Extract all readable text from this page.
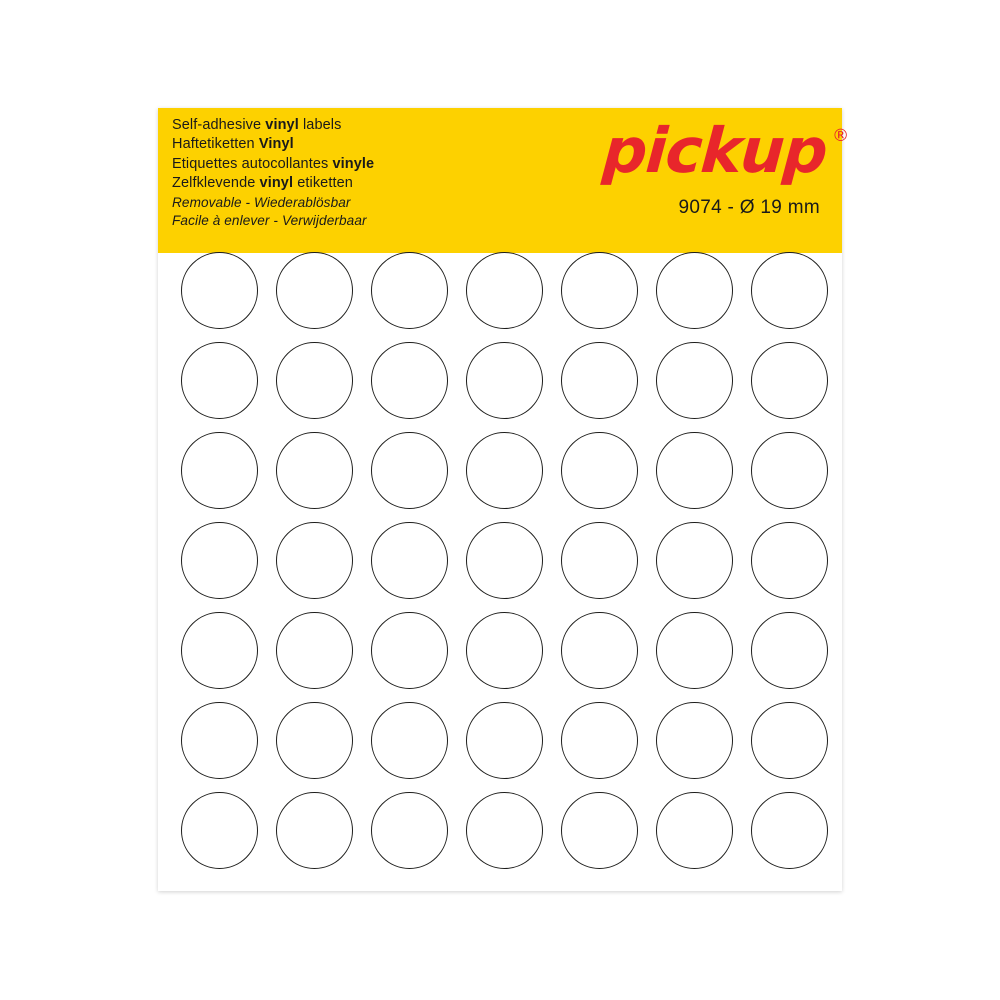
Self-adhesive vinyl labels
Haftetiketten Vinyl
Etiquettes autocollantes vinyle
Zelfklevende vinyl etiketten
Removable - Wiederablösbar
Facile à enlever - Verwijderbaar
pickup ®
9074 - Ø 19 mm
